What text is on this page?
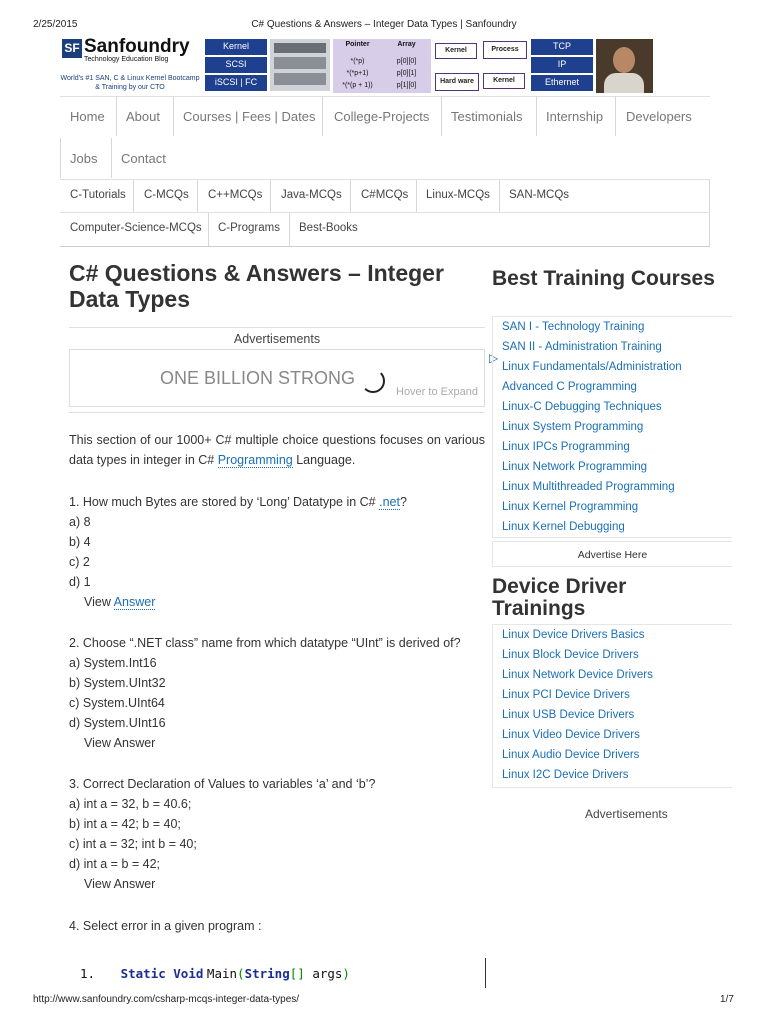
2/25/2015	C# Questions & Answers – Integer Data Types | Sanfoundry
SF Sanfoundry
Technology Education Blog
World's #1 SAN, C & Linux Kernel Bootcamp & Training by our CTO
Kernel
SCSI
iSCSI | FC
Pointer	Array
*(*p)	p[0][0]
*(*p+1)	p[0][1]
*(*(p + 1))	p[1][0]
Kernel	Process
Hard ware	Kernel
TCP
IP
Ethernet
Home About Courses | Fees | Dates College-Projects Testimonials Internship Developers
Jobs Contact
C-Tutorials C-MCQs C++MCQs Java-MCQs C#MCQs Linux-MCQs SAN-MCQs
Computer-Science-MCQs C-Programs Best-Books
C# Questions & Answers – Integer Data Types
Advertisements
ONE BILLION STRONG
Hover to Expand

This section of our 1000+ C# multiple choice questions focuses on various data types in integer in C# Programming Language.

1. How much Bytes are stored by ‘Long’ Datatype in C# .net?

a) 8

b) 4

c) 2

d) 1

View Answer

2. Choose “.NET class” name from which datatype “UInt” is derived of?

a) System.Int16

b) System.UInt32

c) System.UInt64

d) System.UInt16

View Answer

3. Correct Declaration of Values to variables ‘a’ and ‘b’?

a) int a = 32, b = 40.6;

b) int a = 42; b = 40;

c) int a = 32; int b = 40;

d) int a = b = 42;

View Answer

4. Select error in a given program :

1. Static Void Main(String[] args)
Best Training Courses
▷
SAN I - Technology Training
SAN II - Administration Training
Linux Fundamentals/Administration
Advanced C Programming
Linux-C Debugging Techniques
Linux System Programming
Linux IPCs Programming
Linux Network Programming
Linux Multithreaded Programming
Linux Kernel Programming
Linux Kernel Debugging
Advertise Here
Device Driver Trainings
Linux Device Drivers Basics
Linux Block Device Drivers
Linux Network Device Drivers
Linux PCI Device Drivers
Linux USB Device Drivers
Linux Video Device Drivers
Linux Audio Device Drivers
Linux I2C Device Drivers
Advertisements
http://www.sanfoundry.com/csharp-mcqs-integer-data-types/	1/7
